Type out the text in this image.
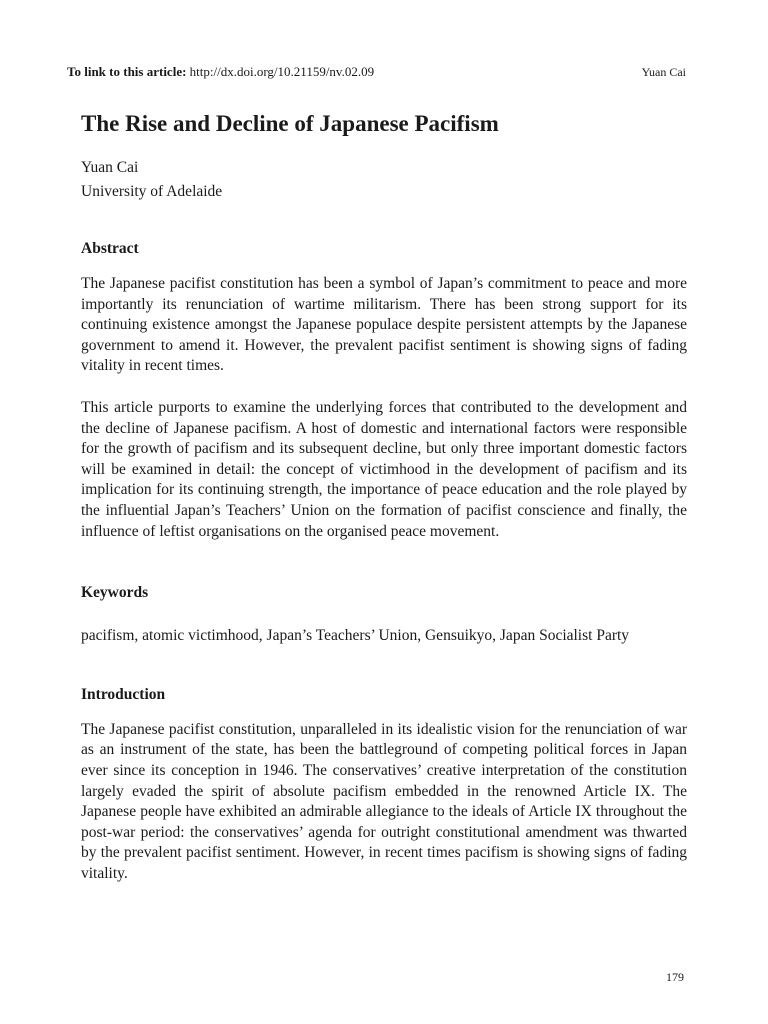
To link to this article: http://dx.doi.org/10.21159/nv.02.09	Yuan Cai
The Rise and Decline of Japanese Pacifism

Yuan Cai

University of Adelaide

Abstract

The Japanese pacifist constitution has been a symbol of Japan’s commitment to peace and more importantly its renunciation of wartime militarism. There has been strong support for its continuing existence amongst the Japanese populace despite persistent attempts by the Japanese government to amend it. However, the prevalent pacifist sentiment is showing signs of fading vitality in recent times.

This article purports to examine the underlying forces that contributed to the development and the decline of Japanese pacifism. A host of domestic and international factors were responsible for the growth of pacifism and its subsequent decline, but only three important domestic factors will be examined in detail: the concept of victimhood in the development of pacifism and its implication for its continuing strength, the importance of peace education and the role played by the influential Japan’s Teachers’ Union on the formation of pacifist conscience and finally, the influence of leftist organisations on the organised peace movement.

Keywords

pacifism, atomic victimhood, Japan’s Teachers’ Union, Gensuikyo, Japan Socialist Party

Introduction

The Japanese pacifist constitution, unparalleled in its idealistic vision for the renunciation of war as an instrument of the state, has been the battleground of competing political forces in Japan ever since its conception in 1946. The conservatives’ creative interpretation of the constitution largely evaded the spirit of absolute pacifism embedded in the renowned Article IX. The Japanese people have exhibited an admirable allegiance to the ideals of Article IX throughout the post-war period: the conservatives’ agenda for outright constitutional amendment was thwarted by the prevalent pacifist sentiment. However, in recent times pacifism is showing signs of fading vitality.

179
